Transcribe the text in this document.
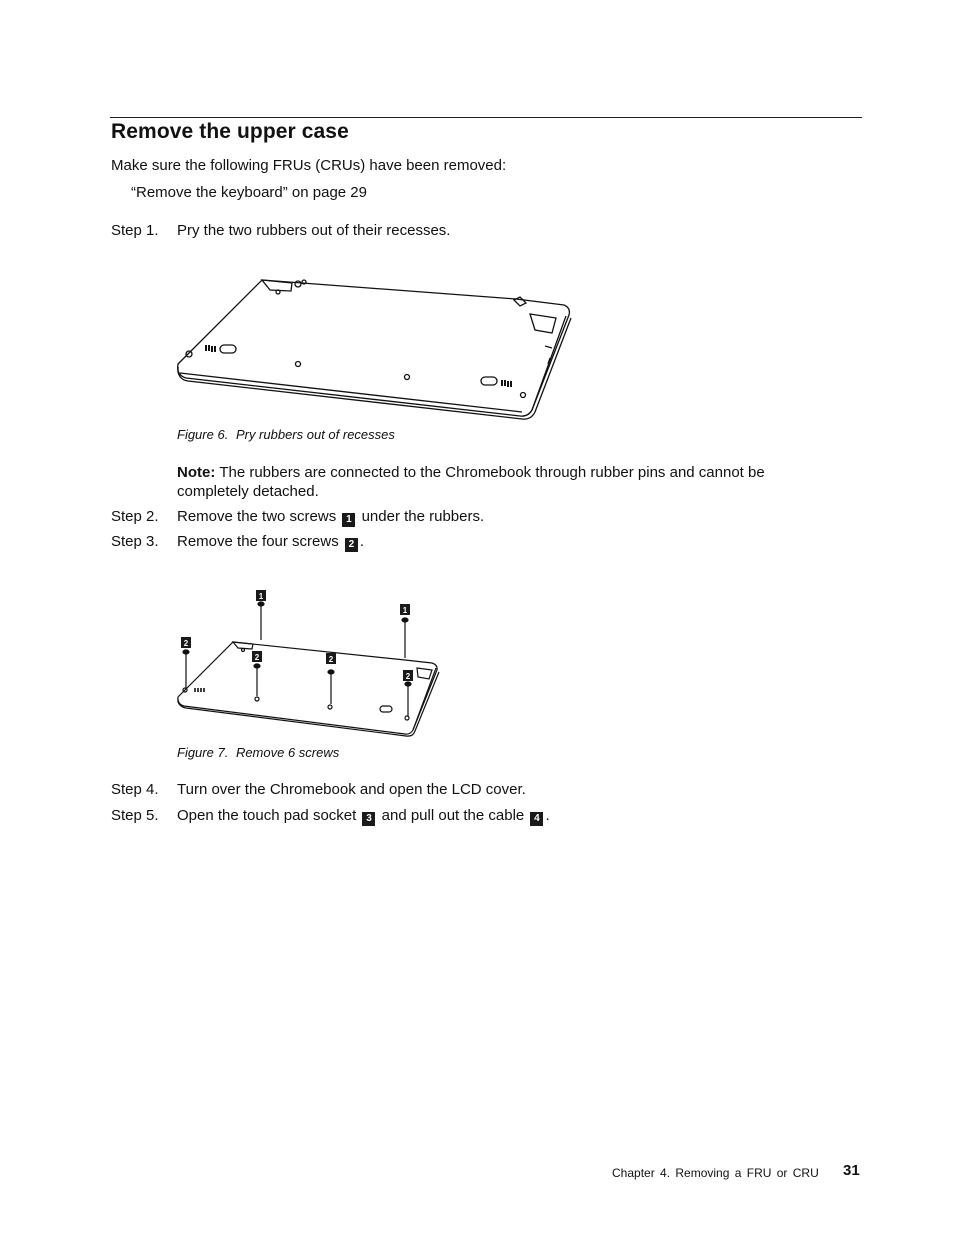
Remove the upper case
Make sure the following FRUs (CRUs) have been removed:
“Remove the keyboard” on page 29
Step 1. Pry the two rubbers out of their recesses.
Figure 6. Pry rubbers out of recesses
Note: The rubbers are connected to the Chromebook through rubber pins and cannot be completely detached.
Step 2. Remove the two screws 1 under the rubbers.
Step 3. Remove the four screws 2 .
1
1
2
2	2
2
Figure 7. Remove 6 screws
Step 4. Turn over the Chromebook and open the LCD cover.
Step 5. Open the touch pad socket 3 and pull out the cable 4 .
Chapter 4. Removing a FRU or CRU 31
